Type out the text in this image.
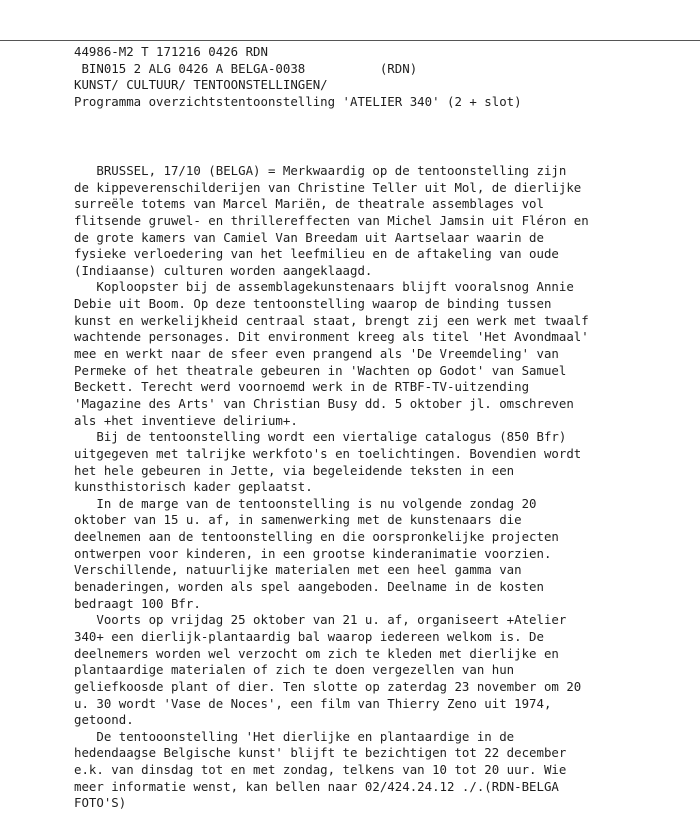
44986-M2 T 171216 0426 RDN

BIN015 2 ALG 0426 A BELGA-0038          (RDN)

KUNST/ CULTUUR/ TENTOONSTELLINGEN/

Programma overzichtstentoonstelling 'ATELIER 340' (2 + slot)

BRUSSEL, 17/10 (BELGA) = Merkwaardig op de tentoonstelling zijn

de kippeverenschilderijen van Christine Teller uit Mol, de dierlijke

surreële totems van Marcel Mariën, de theatrale assemblages vol

flitsende gruwel- en thrillereffecten van Michel Jamsin uit Fléron en

de grote kamers van Camiel Van Breedam uit Aartselaar waarin de

fysieke verloedering van het leefmilieu en de aftakeling van oude

(Indiaanse) culturen worden aangeklaagd.

Koploopster bij de assemblagekunstenaars blijft vooralsnog Annie

Debie uit Boom. Op deze tentoonstelling waarop de binding tussen

kunst en werkelijkheid centraal staat, brengt zij een werk met twaalf

wachtende personages. Dit environment kreeg als titel 'Het Avondmaal'

mee en werkt naar de sfeer even prangend als 'De Vreemdeling' van

Permeke of het theatrale gebeuren in 'Wachten op Godot' van Samuel

Beckett. Terecht werd voornoemd werk in de RTBF-TV-uitzending

'Magazine des Arts' van Christian Busy dd. 5 oktober jl. omschreven

als +het inventieve delirium+.

Bij de tentoonstelling wordt een viertalige catalogus (850 Bfr)

uitgegeven met talrijke werkfoto's en toelichtingen. Bovendien wordt

het hele gebeuren in Jette, via begeleidende teksten in een

kunsthistorisch kader geplaatst.

In de marge van de tentoonstelling is nu volgende zondag 20

oktober van 15 u. af, in samenwerking met de kunstenaars die

deelnemen aan de tentoonstelling en die oorspronkelijke projecten

ontwerpen voor kinderen, in een grootse kinderanimatie voorzien.

Verschillende, natuurlijke materialen met een heel gamma van

benaderingen, worden als spel aangeboden. Deelname in de kosten

bedraagt 100 Bfr.

Voorts op vrijdag 25 oktober van 21 u. af, organiseert +Atelier

340+ een dierlijk-plantaardig bal waarop iedereen welkom is. De

deelnemers worden wel verzocht om zich te kleden met dierlijke en

plantaardige materialen of zich te doen vergezellen van hun

geliefkoosde plant of dier. Ten slotte op zaterdag 23 november om 20

u. 30 wordt 'Vase de Noces', een film van Thierry Zeno uit 1974,

getoond.

De tentooonstelling 'Het dierlijke en plantaardige in de

hedendaagse Belgische kunst' blijft te bezichtigen tot 22 december

e.k. van dinsdag tot en met zondag, telkens van 10 tot 20 uur. Wie

meer informatie wenst, kan bellen naar 02/424.24.12 ./.(RDN-BELGA

FOTO'S)
